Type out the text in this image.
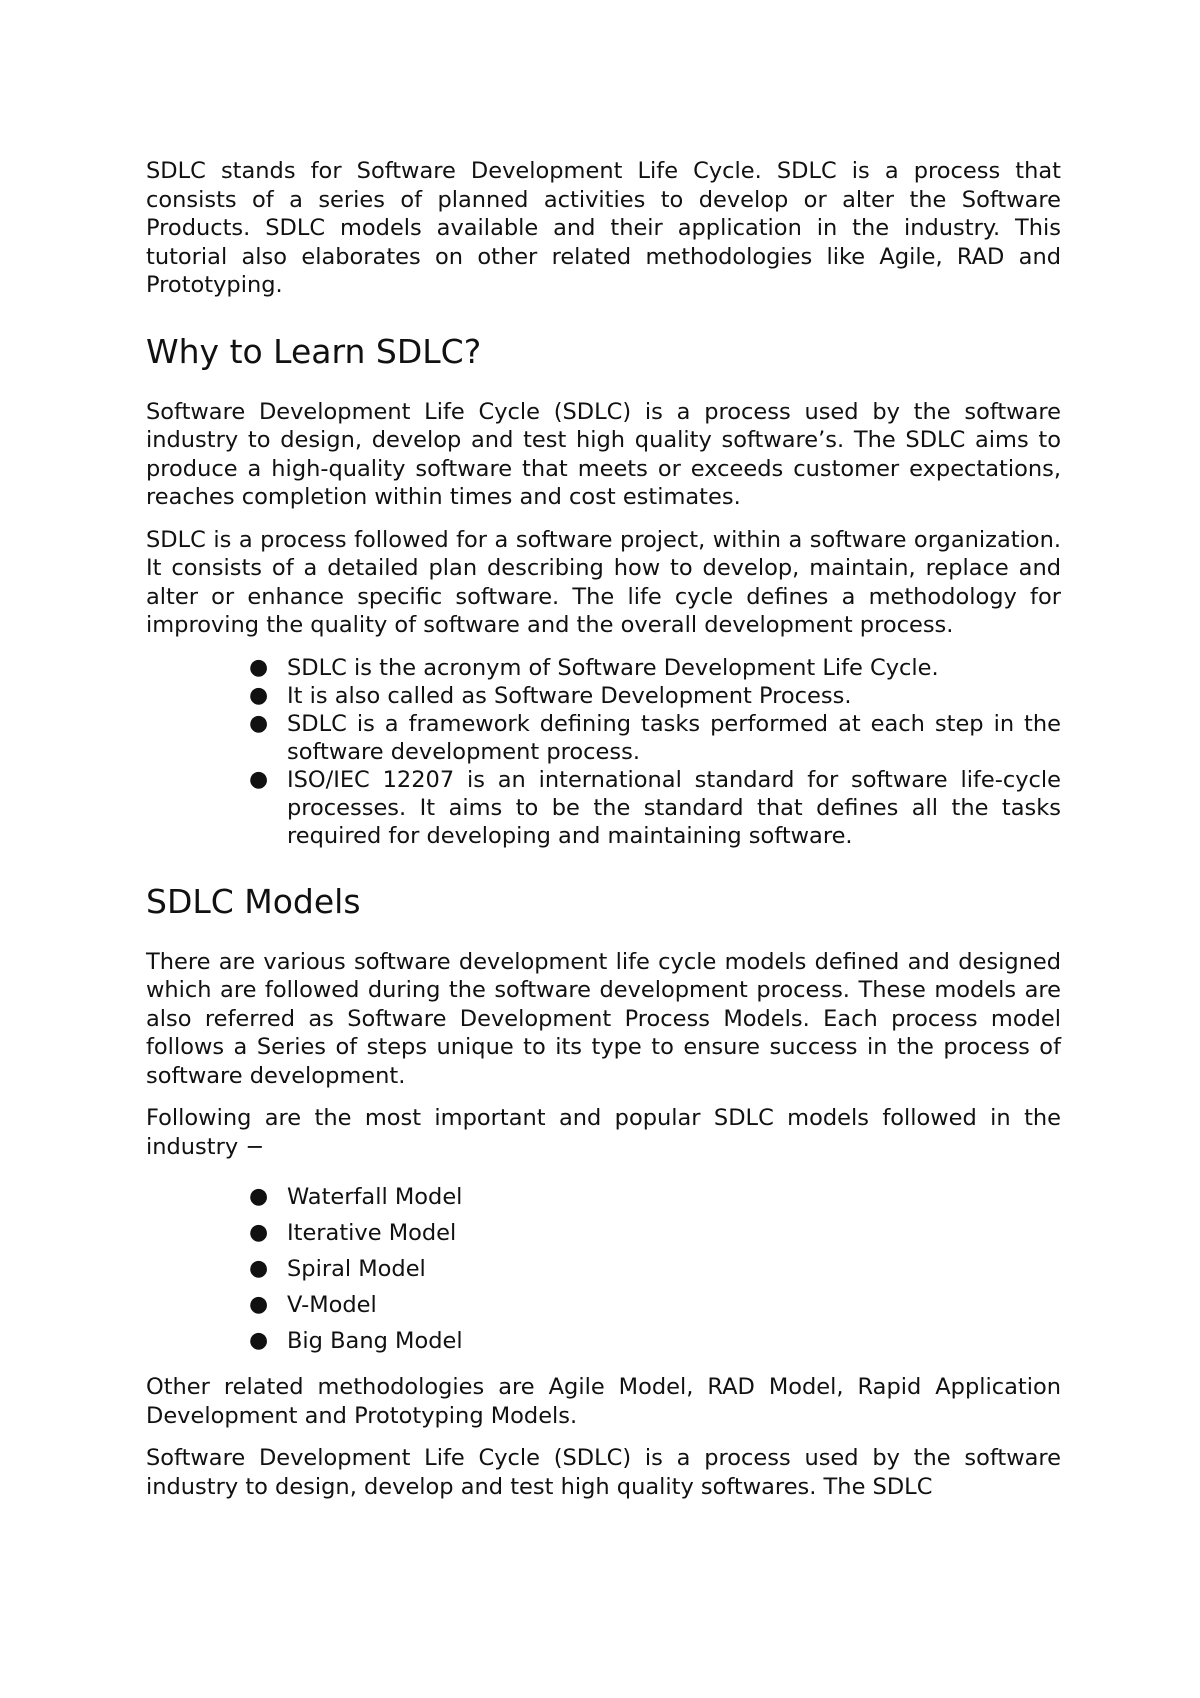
SDLC stands for Software Development Life Cycle. SDLC is a process that consists of a series of planned activities to develop or alter the Software Products. SDLC models available and their application in the industry. This tutorial also elaborates on other related methodologies like Agile, RAD and Prototyping.

Why to Learn SDLC?

Software Development Life Cycle (SDLC) is a process used by the software industry to design, develop and test high quality software’s. The SDLC aims to produce a high-quality software that meets or exceeds customer expectations, reaches completion within times and cost estimates.

SDLC is a process followed for a software project, within a software organization. It consists of a detailed plan describing how to develop, maintain, replace and alter or enhance specific software. The life cycle defines a methodology for improving the quality of software and the overall development process.

● SDLC is the acronym of Software Development Life Cycle.
● It is also called as Software Development Process.
● SDLC is a framework defining tasks performed at each step in the software development process.
● ISO/IEC 12207 is an international standard for software life-cycle processes. It aims to be the standard that defines all the tasks required for developing and maintaining software.
SDLC Models

There are various software development life cycle models defined and designed which are followed during the software development process. These models are also referred as Software Development Process Models. Each process model follows a Series of steps unique to its type to ensure success in the process of software development.

Following are the most important and popular SDLC models followed in the industry −

● Waterfall Model
● Iterative Model
● Spiral Model
● V-Model
● Big Bang Model

Other related methodologies are Agile Model, RAD Model, Rapid Application Development and Prototyping Models.

Software Development Life Cycle (SDLC) is a process used by the software industry to design, develop and test high quality softwares. The SDLC
